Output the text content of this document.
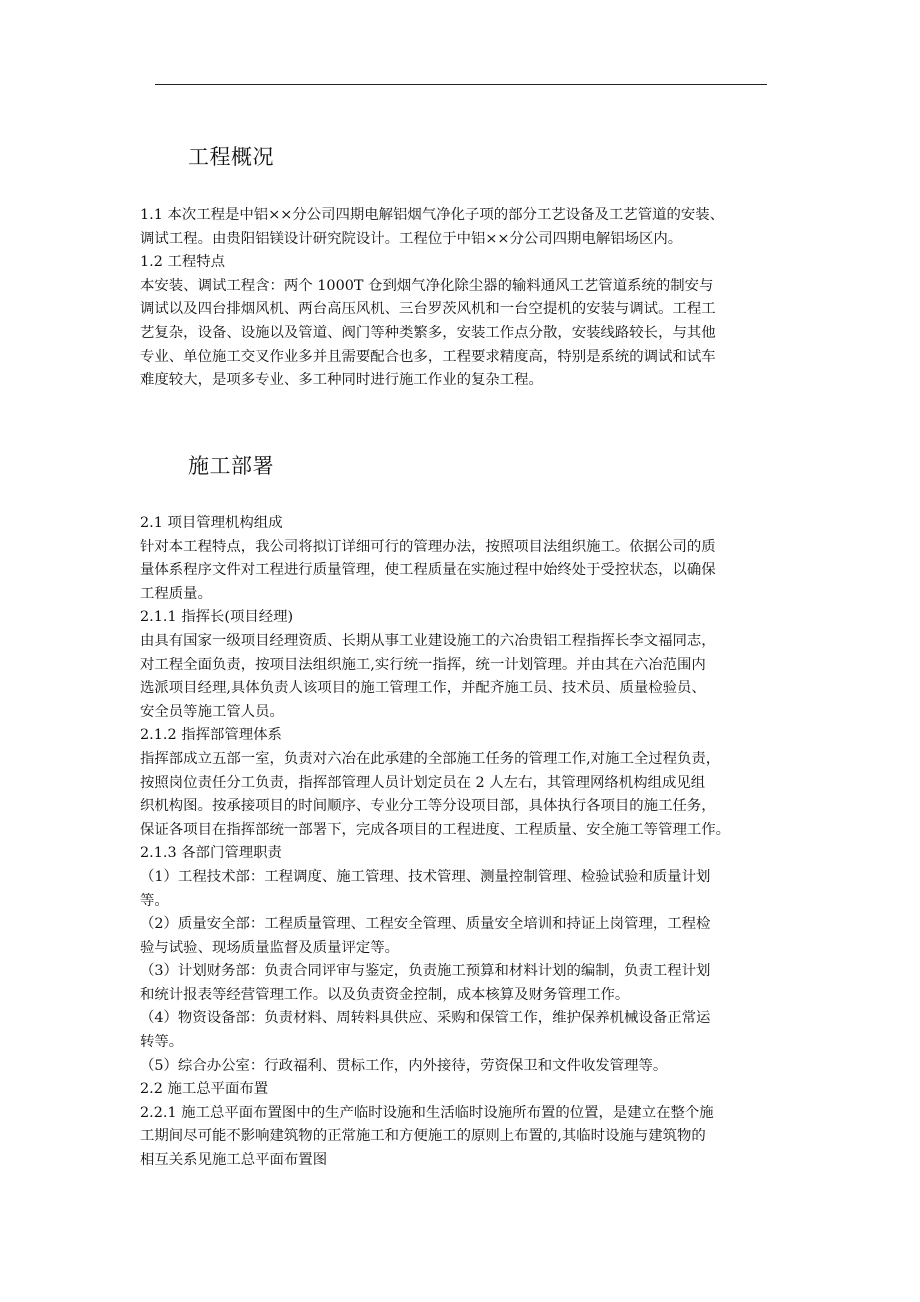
工程概况

1.1 本次工程是中铝××分公司四期电解铝烟气净化子项的部分工艺设备及工艺管道的安装、

调试工程。由贵阳铝镁设计研究院设计。工程位于中铝××分公司四期电解铝场区内。

1.2 工程特点

本安装、调试工程含：两个 1000T 仓到烟气净化除尘器的输料通风工艺管道系统的制安与

调试以及四台排烟风机、两台高压风机、三台罗茨风机和一台空提机的安装与调试。工程工

艺复杂，设备、设施以及管道、阀门等种类繁多，安装工作点分散，安装线路较长，与其他

专业、单位施工交叉作业多并且需要配合也多，工程要求精度高，特别是系统的调试和试车

难度较大，是项多专业、多工种同时进行施工作业的复杂工程。

施工部署

2.1 项目管理机构组成

针对本工程特点，我公司将拟订详细可行的管理办法，按照项目法组织施工。依据公司的质

量体系程序文件对工程进行质量管理，使工程质量在实施过程中始终处于受控状态，以确保

工程质量。

2.1.1 指挥长(项目经理)

由具有国家一级项目经理资质、长期从事工业建设施工的六冶贵铝工程指挥长李文福同志，

对工程全面负责，按项目法组织施工,实行统一指挥，统一计划管理。并由其在六冶范围内

选派项目经理,具体负责人该项目的施工管理工作，并配齐施工员、技术员、质量检验员、

安全员等施工管人员。

2.1.2 指挥部管理体系

指挥部成立五部一室，负责对六冶在此承建的全部施工任务的管理工作,对施工全过程负责，

按照岗位责任分工负责，指挥部管理人员计划定员在 2 人左右，其管理网络机构组成见组

织机构图。按承接项目的时间顺序、专业分工等分设项目部，具体执行各项目的施工任务，

保证各项目在指挥部统一部署下，完成各项目的工程进度、工程质量、安全施工等管理工作。

2.1.3 各部门管理职责

（1）工程技术部：工程调度、施工管理、技术管理、测量控制管理、检验试验和质量计划

等。

（2）质量安全部：工程质量管理、工程安全管理、质量安全培训和持证上岗管理，工程检

验与试验、现场质量监督及质量评定等。

（3）计划财务部：负责合同评审与鉴定，负责施工预算和材料计划的编制，负责工程计划

和统计报表等经营管理工作。以及负责资金控制，成本核算及财务管理工作。

（4）物资设备部：负责材料、周转料具供应、采购和保管工作，维护保养机械设备正常运

转等。

（5）综合办公室：行政福利、贯标工作，内外接待，劳资保卫和文件收发管理等。

2.2 施工总平面布置

2.2.1 施工总平面布置图中的生产临时设施和生活临时设施所布置的位置，是建立在整个施

工期间尽可能不影响建筑物的正常施工和方便施工的原则上布置的,其临时设施与建筑物的

相互关系见施工总平面布置图
